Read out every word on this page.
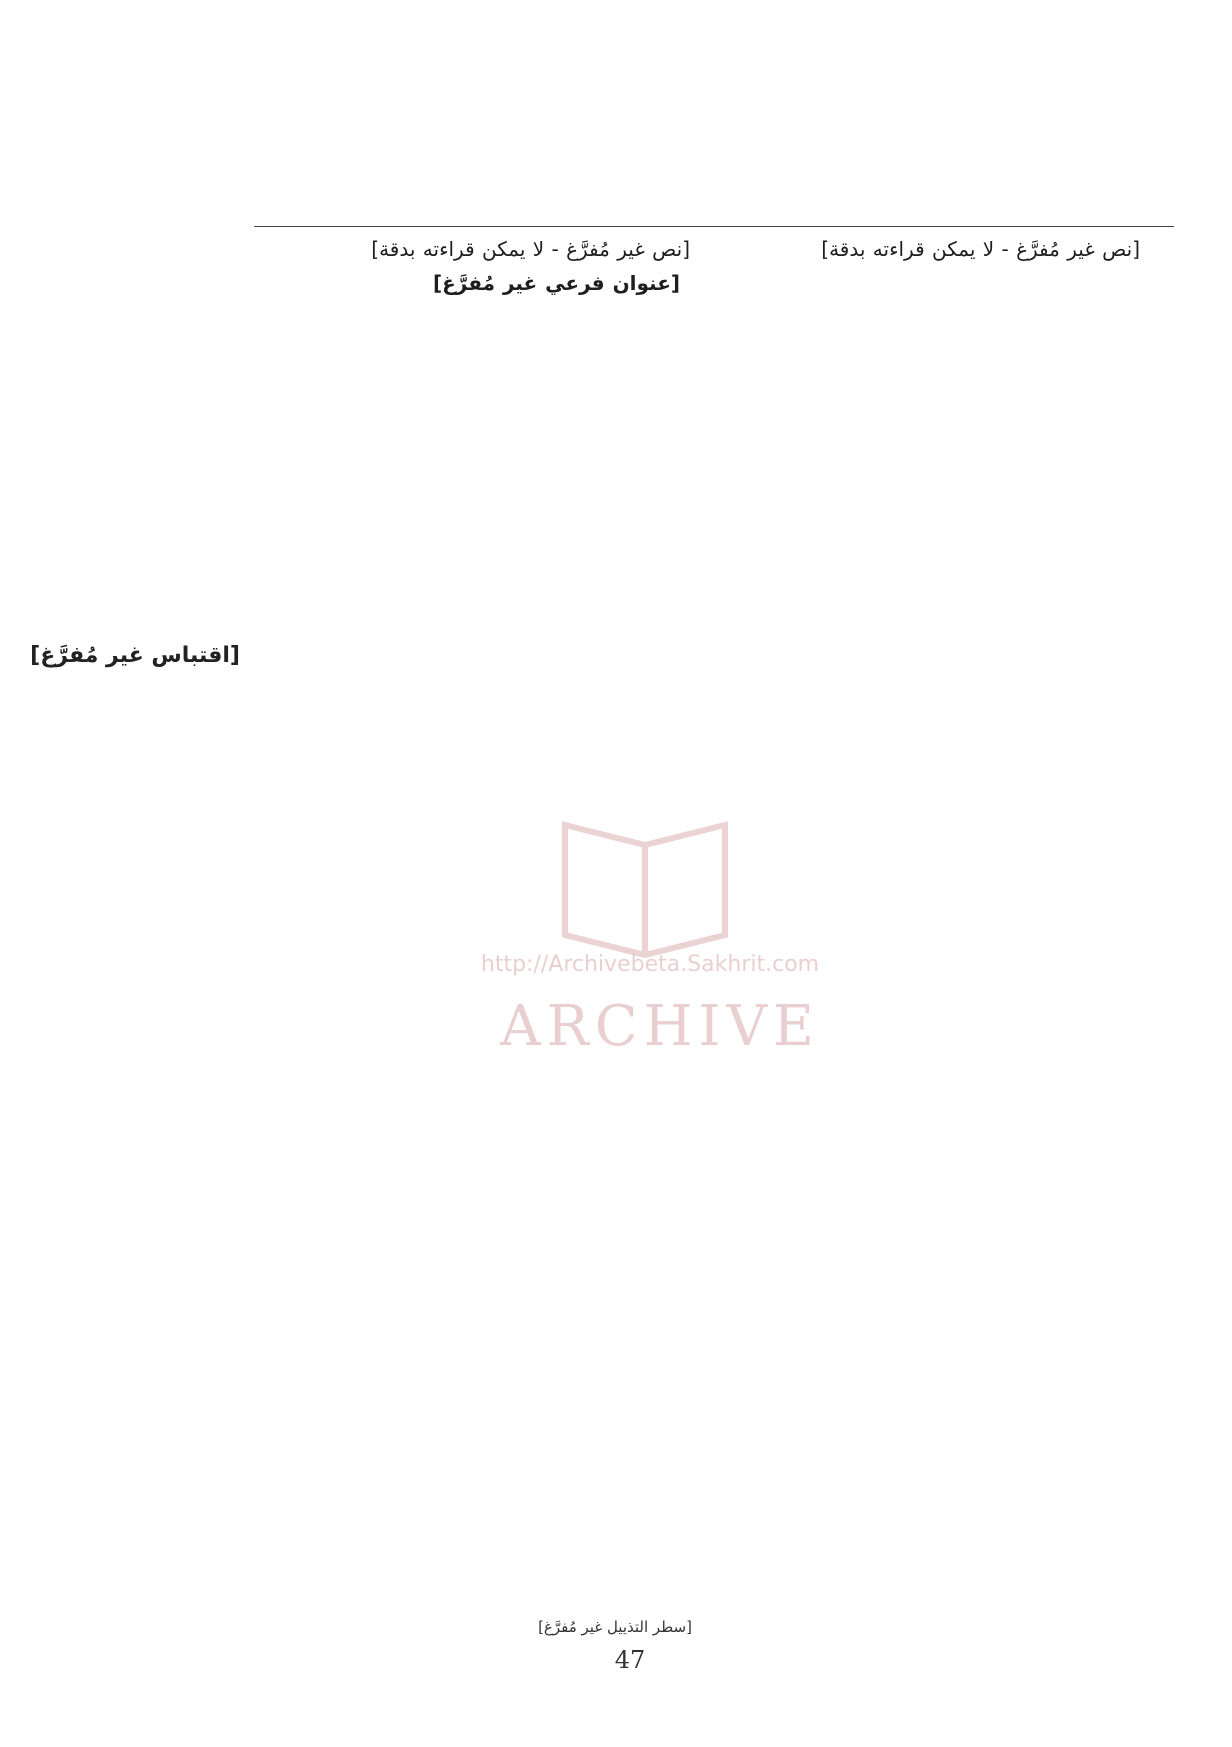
[نص غير مُفرَّغ - لا يمكن قراءته بدقة]

[نص غير مُفرَّغ - لا يمكن قراءته بدقة]

[عنوان فرعي غير مُفرَّغ]

[اقتباس غير مُفرَّغ]
http://Archivebeta.Sakhrit.com
ARCHIVE
[سطر التذييل غير مُفرَّغ]
47
